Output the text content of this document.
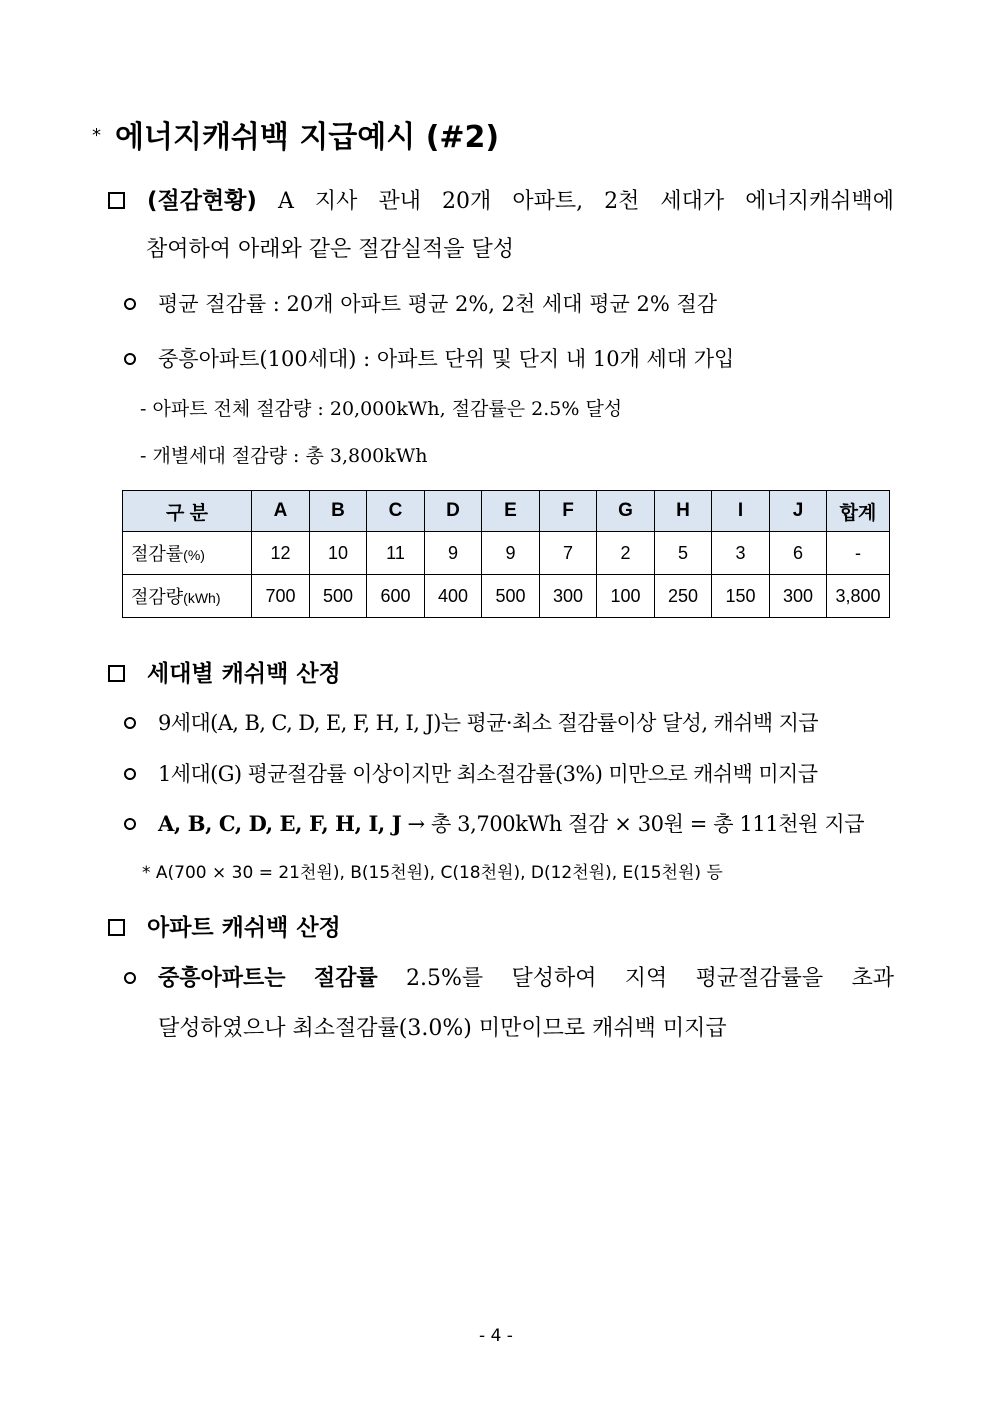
* 에너지캐쉬백 지급예시 (#2)
(절감현황) A 지사 관내 20개 아파트, 2천 세대가 에너지캐쉬백에
참여하여 아래와 같은 절감실적을 달성
평균 절감률 : 20개 아파트 평균 2%, 2천 세대 평균 2% 절감
중흥아파트(100세대) : 아파트 단위 및 단지 내 10개 세대 가입
- 아파트 전체 절감량 : 20,000kWh, 절감률은 2.5% 달성
- 개별세대 절감량 : 총 3,800kWh
구 분	A	B	C	D	E	F	G	H	I	J	합계
절감률(%)	12	10	11	9	9	7	2	5	3	6	-
절감량(kWh)	700	500	600	400	500	300	100	250	150	300	3,800
세대별 캐쉬백 산정
9세대(A, B, C, D, E, F, H, I, J)는 평균·최소 절감률이상 달성, 캐쉬백 지급
1세대(G) 평균절감률 이상이지만 최소절감률(3%) 미만으로 캐쉬백 미지급
A, B, C, D, E, F, H, I, J → 총 3,700kWh 절감 × 30원 = 총 111천원 지급
* A(700 × 30 = 21천원), B(15천원), C(18천원), D(12천원), E(15천원) 등
아파트 캐쉬백 산정
중흥아파트는 절감률 2.5%를 달성하여 지역 평균절감률을 초과
달성하였으나 최소절감률(3.0%) 미만이므로 캐쉬백 미지급
- 4 -
